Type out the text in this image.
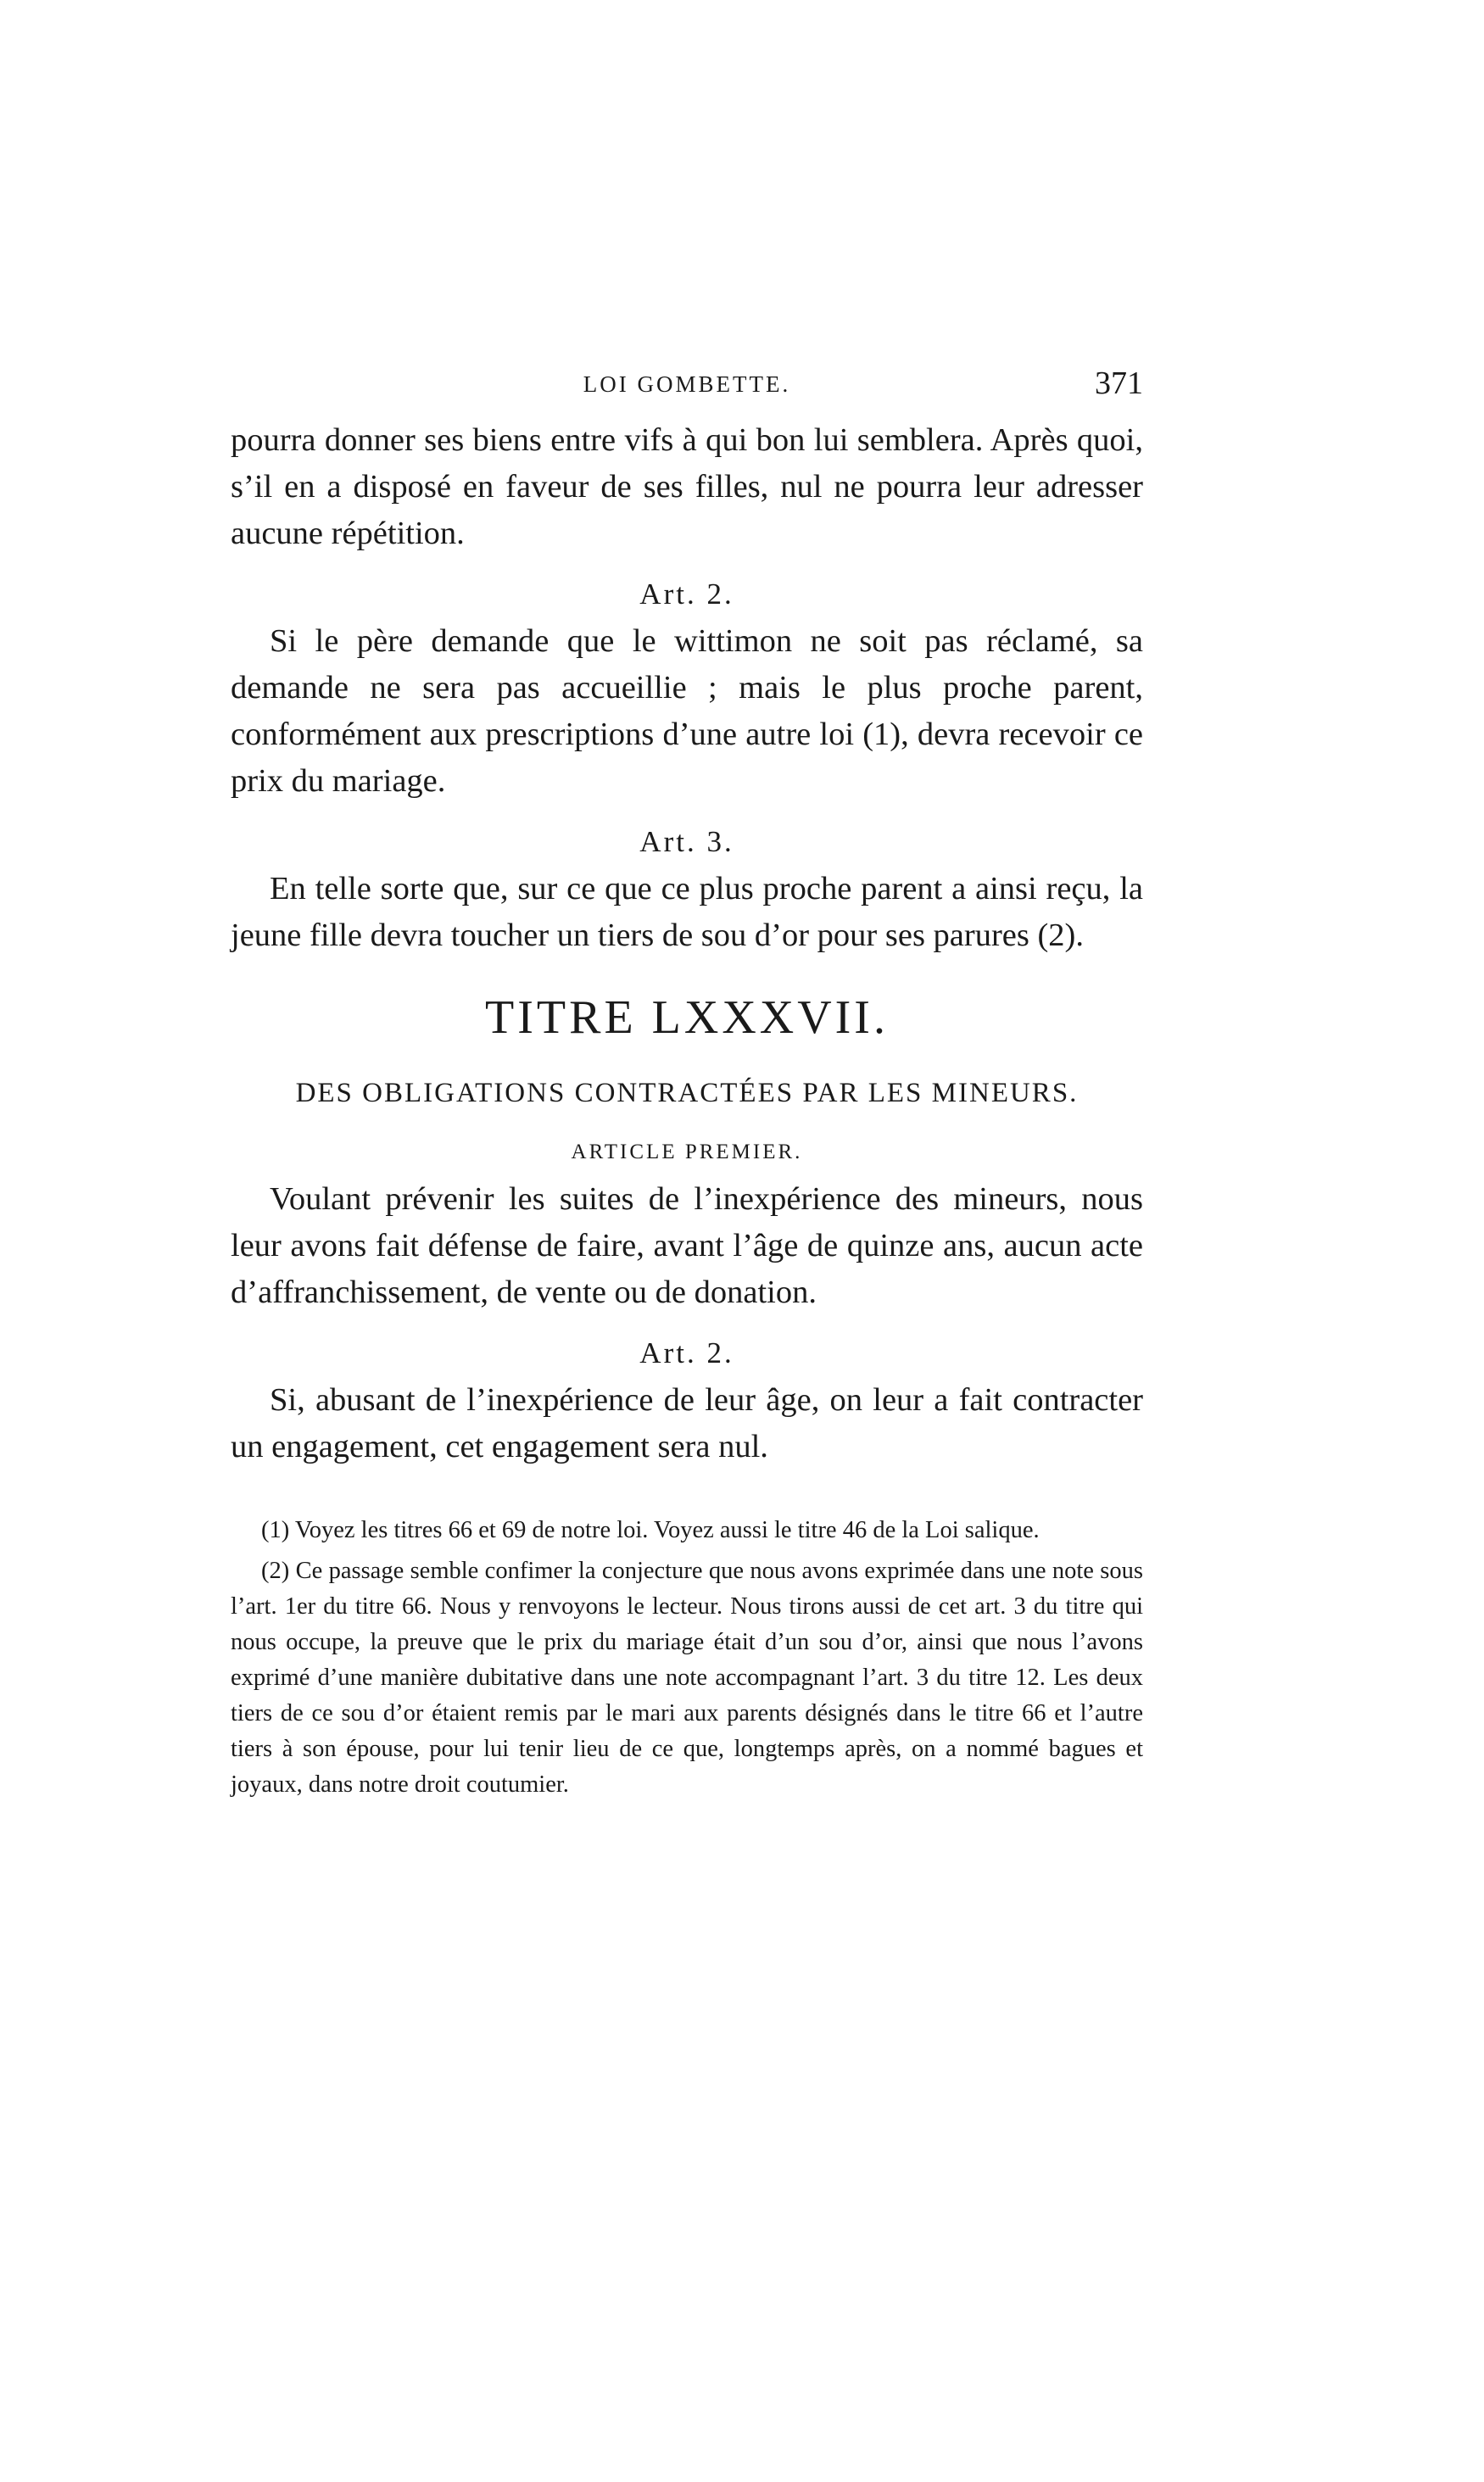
LOI GOMBETTE.	371

pourra donner ses biens entre vifs à qui bon lui semblera. Après quoi, s’il en a disposé en faveur de ses filles, nul ne pourra leur adresser aucune répétition.

Art. 2.

Si le père demande que le wittimon ne soit pas réclamé, sa demande ne sera pas accueillie ; mais le plus proche parent, conformément aux prescriptions d’une autre loi (1), devra recevoir ce prix du mariage.

Art. 3.

En telle sorte que, sur ce que ce plus proche parent a ainsi reçu, la jeune fille devra toucher un tiers de sou d’or pour ses parures (2).

TITRE LXXXVII.
DES OBLIGATIONS CONTRACTÉES PAR LES MINEURS.
ARTICLE PREMIER.

Voulant prévenir les suites de l’inexpérience des mineurs, nous leur avons fait défense de faire, avant l’âge de quinze ans, aucun acte d’affranchissement, de vente ou de donation.

Art. 2.

Si, abusant de l’inexpérience de leur âge, on leur a fait contracter un engagement, cet engagement sera nul.

(1) Voyez les titres 66 et 69 de notre loi. Voyez aussi le titre 46 de la Loi salique.

(2) Ce passage semble confimer la conjecture que nous avons exprimée dans une note sous l’art. 1er du titre 66. Nous y renvoyons le lecteur. Nous tirons aussi de cet art. 3 du titre qui nous occupe, la preuve que le prix du mariage était d’un sou d’or, ainsi que nous l’avons exprimé d’une manière dubitative dans une note accompagnant l’art. 3 du titre 12. Les deux tiers de ce sou d’or étaient remis par le mari aux parents désignés dans le titre 66 et l’autre tiers à son épouse, pour lui tenir lieu de ce que, longtemps après, on a nommé bagues et joyaux, dans notre droit coutumier.
